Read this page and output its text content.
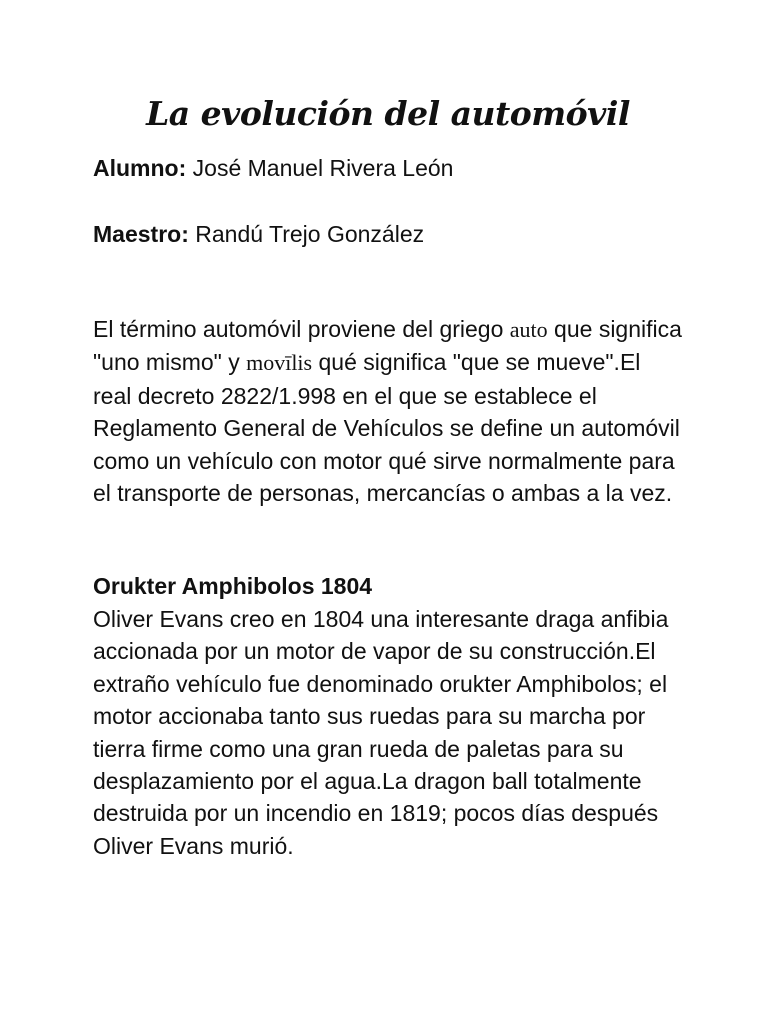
La evolución del automóvil

Alumno: José Manuel Rivera León

Maestro: Randú Trejo González

El término automóvil proviene del griego auto que significa "uno mismo" y movīlis qué significa "que se mueve".El real decreto 2822/1.998 en el que se establece el Reglamento General de Vehículos se define un automóvil como un vehículo con motor qué sirve normalmente para el transporte de personas, mercancías o ambas a la vez.

Orukter Amphibolos 1804

Oliver Evans creo en 1804 una interesante draga anfibia accionada por un motor de vapor de su construcción.El extraño vehículo fue denominado orukter Amphibolos; el motor accionaba tanto sus ruedas para su marcha por tierra firme como una gran rueda de paletas para su desplazamiento por el agua.La dragon ball totalmente destruida por un incendio en 1819; pocos días después Oliver Evans murió.
